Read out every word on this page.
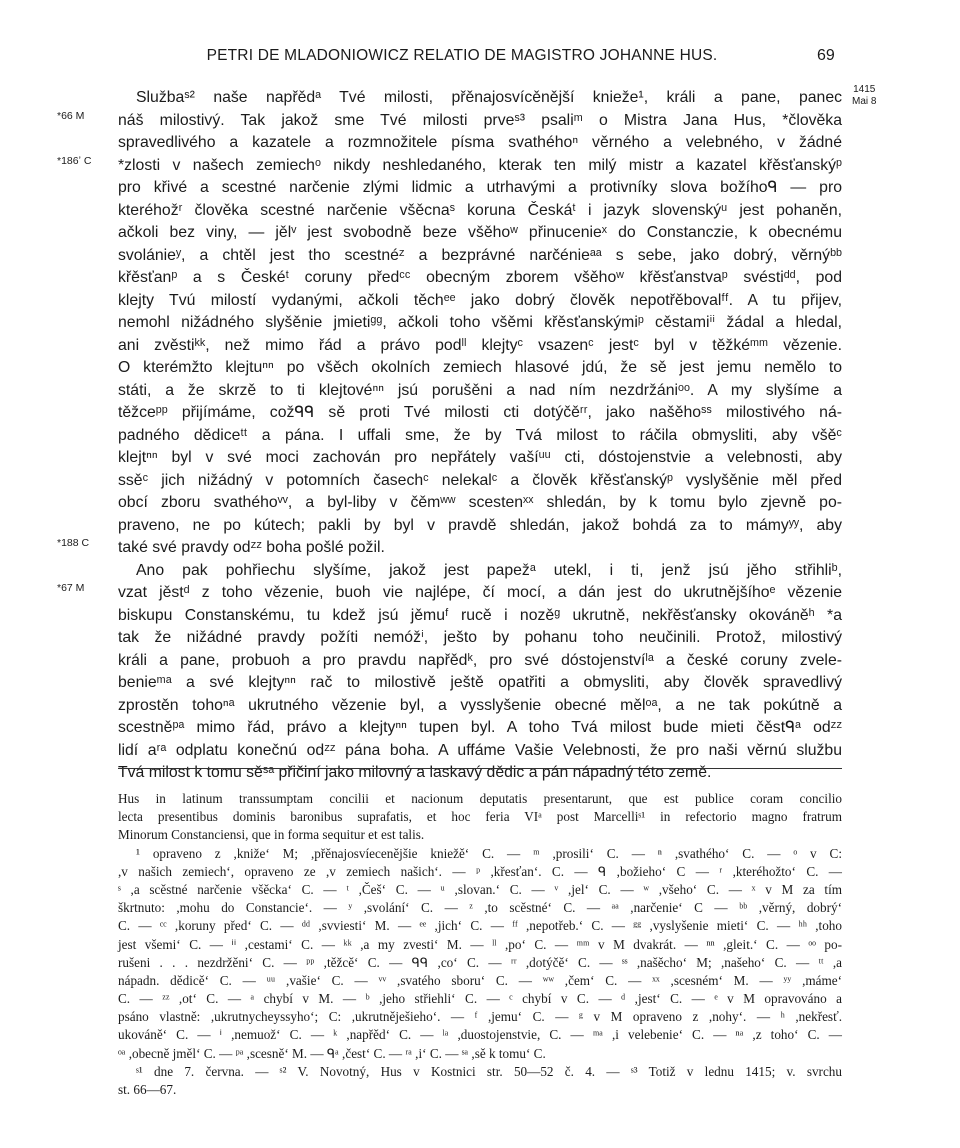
PETRI DE MLADONIOWICZ RELATIO DE MAGISTRO JOHANNE HUS.	69
1415
Mai 8
*66 M
*186ʼ C
*188 C
*67 M
Službaˢ² naše napřědᵃ Tvé milosti, přěnajosvícěnější knieže¹, králi a pane, panec
náš milostivý. Tak jakož sme Tvé milosti prveˢ³ psaliᵐ o Mistra Jana Hus, *člověka
spravedlivého a kazatele a rozmnožitele písma svathéhoⁿ věrného a velebného, v žádné
*zlosti v našech zemiechᵒ nikdy neshledaného, kterak ten milý mistr a kazatel křěsťanskýᵖ
pro křivé a scestné narčenie zlými lidmic a utrhavými a protivníky slova božíhoᑫ — pro
kteréhožʳ člověka scestné narčenie všěcnaˢ koruna Českáᵗ i jazyk slovenskýᵘ jest pohaněn,
ačkoli bez viny, — jělᵛ jest svobodně beze všěhoʷ přinucenieˣ do Constanczie, k obecnému
svolánieʸ, a chtěl jest tho scestnéᶻ a bezprávné narčénieᵃᵃ s sebe, jako dobrý, věrnýᵇᵇ
křěsťanᵖ a s Českéᵗ coruny předᶜᶜ obecným zborem všěhoʷ křěsťanstvaᵖ svéstiᵈᵈ, pod
klejty Tvú milostí vydanými, ačkoli těchᵉᵉ jako dobrý člověk nepotřěbovalᶠᶠ. A tu přijev,
nemohl nižádného slyšěnie jmietiᵍᵍ, ačkoli toho všěmi křěsťanskýmiᵖ cěstamiⁱⁱ žádal a hledal,
ani zvěstiᵏᵏ, než mimo řád a právo podˡˡ klejtyᶜ vsazenᶜ jestᶜ byl v těžkéᵐᵐ vězenie.
O kterémžto klejtuⁿⁿ po všěch okolních zemiech hlasové jdú, že sě jest jemu nemělo to
státi, a že skrzě to ti klejtovéⁿⁿ jsú porušěni a nad ním nezdržániᵒᵒ. A my slyšíme a
těžceᵖᵖ přijímáme, cožᑫᑫ sě proti Tvé milosti cti dotýčěʳʳ, jako našěhoˢˢ milostivého ná-
padného dědiceᵗᵗ a pána. I uffali sme, že by Tvá milost to ráčila obmysliti, aby všěᶜ
klejtⁿⁿ byl v své moci zachován pro nepřátely vašíᵘᵘ cti, dóstojenstvie a velebnosti, aby
ssěᶜ jich nižádný v potomních časechᶜ nelekalᶜ a člověk křěsťanskýᵖ vyslyšěnie měl před
obcí zboru svathéhoᵛᵛ, a byl-liby v čěmʷʷ scestenˣˣ shledán, by k tomu bylo zjevně po-
praveno, ne po kútech; pakli by byl v pravdě shledán, jakož bohdá za to mámyʸʸ, aby
také své pravdy odᶻᶻ boha pošlé požil.
Ano pak pohřiechu slyšíme, jakož jest papežᵃ utekl, i ti, jenž jsú jěho střihliᵇ,
vzat jěstᵈ z toho vězenie, buoh vie najlépe, čí mocí, a dán jest do ukrutnějšíhoᵉ vězenie
biskupu Constanskému, tu kdež jsú jěmuᶠ rucě i nozěᵍ ukrutně, nekřěsťansky okováněʰ *a
tak že nižádné pravdy požíti nemóžⁱ, ješto by pohanu toho neučinili. Protož, milostivý
králi a pane, probuoh a pro pravdu napřědᵏ, pro své dóstojenstvíˡᵃ a české coruny zvele-
benieᵐᵃ a své klejtyⁿⁿ rač to milostivě ještě opatřiti a obmysliti, aby člověk spravedlivý
zprostěn tohoⁿᵃ ukrutného vězenie byl, a vysslyšenie obecné mělᵒᵃ, a ne tak pokútně a
scestněᵖᵃ mimo řád, právo a klejtyⁿⁿ tupen byl. A toho Tvá milost bude mieti čěstᑫᵃ odᶻᶻ
lidí aʳᵃ odplatu konečnú odᶻᶻ pána boha. A uffáme Vašie Velebnosti, že pro naši věrnú službu
Tvá milost k tomu sěˢᵃ přičiní jako milovný a laskavý dědic a pán nápadný této země.
Hus in latinum transsumptam concilii et nacionum deputatis presentarunt, que est publice coram concilio
lecta presentibus dominis baronibus suprafatis, et hoc feria VIᵃ post Marcelliˢ¹ in refectorio magno fratrum
Minorum Constanciensi, que in forma sequitur et est talis.
¹ opraveno z ,knižeʻ M; ,přěnajosvíecenějšie kniežěʻ C. — ᵐ ,prosiliʻ C. — ⁿ ,svathéhoʻ C. — ᵒ v C:
,v našich zemiechʻ, opraveno ze ,v zemiech našichʻ. — ᵖ ,křesťanʻ. C. — ᑫ ,božiehoʻ C — ʳ ,kteréhožtoʻ C. —
ˢ ,a scěstné narčenie všěckaʻ C. — ᵗ ,Češʻ C. — ᵘ ,slovan.ʻ C. — ᵛ ,jelʻ C. — ʷ ,všehoʻ C. — ˣ v M za tím
škrtnuto: ,mohu do Constancieʻ. — ʸ ,svoláníʻ C. — ᶻ ,to scěstnéʻ C. — ᵃᵃ ,narčenieʻ C — ᵇᵇ ,věrný, dobrýʻ
C. — ᶜᶜ ,koruny předʻ C. — ᵈᵈ ,svviestiʻ M. — ᵉᵉ ,jichʻ C. — ᶠᶠ ,nepotřeb.ʻ C. — ᵍᵍ ,vyslyšenie mietiʻ C. — ʰʰ ,toho
jest všemiʻ C. — ⁱⁱ ,cestamiʻ C. — ᵏᵏ ,a my zvestiʻ M. — ˡˡ ,poʻ C. — ᵐᵐ v M dvakrát. — ⁿⁿ ,gleit.ʻ C. — ᵒᵒ po-
rušeni . . . nezdržěniʻ C. — ᵖᵖ ,těžcěʻ C. — ᑫᑫ ,coʻ C. — ʳʳ ,dotýčěʻ C. — ˢˢ ,našěchoʻ M; ,našehoʻ C. — ᵗᵗ ,a
nápadn. dědicěʻ C. — ᵘᵘ ,vašieʻ C. — ᵛᵛ ,svatého sboruʻ C. — ʷʷ ,čemʻ C. — ˣˣ ,scesnémʻ M. — ʸʸ ,mámeʻ
C. — ᶻᶻ ,otʻ C. — ᵃ chybí v M. — ᵇ ,jeho střiehliʻ C. — ᶜ chybí v C. — ᵈ ,jestʻ C. — ᵉ v M opravováno a
psáno vlastně: ,ukrutnycheyssyhoʻ; C: ,ukrutněješiehoʻ. — ᶠ ,jemuʻ C. — ᵍ v M opraveno z ,nohyʻ. — ʰ ,nekřesť.
ukováněʻ C. — ⁱ ,nemuožʻ C. — ᵏ ,napřědʻ C. — ˡᵃ ,duostojenstvie, C. — ᵐᵃ ,i velebenieʻ C. — ⁿᵃ ,z tohoʻ C. —
ᵒᵃ ,obecně jmělʻ C. — ᵖᵃ ,scesněʻ M. — ᑫᵃ ,čestʻ C. — ʳᵃ ,iʻ C. — ˢᵃ ,sě k tomuʻ C.
ˢ¹ dne 7. června. — ˢ² V. Novotný, Hus v Kostnici str. 50—52 č. 4. — ˢ³ Totiž v lednu 1415; v. svrchu
st. 66—67.
